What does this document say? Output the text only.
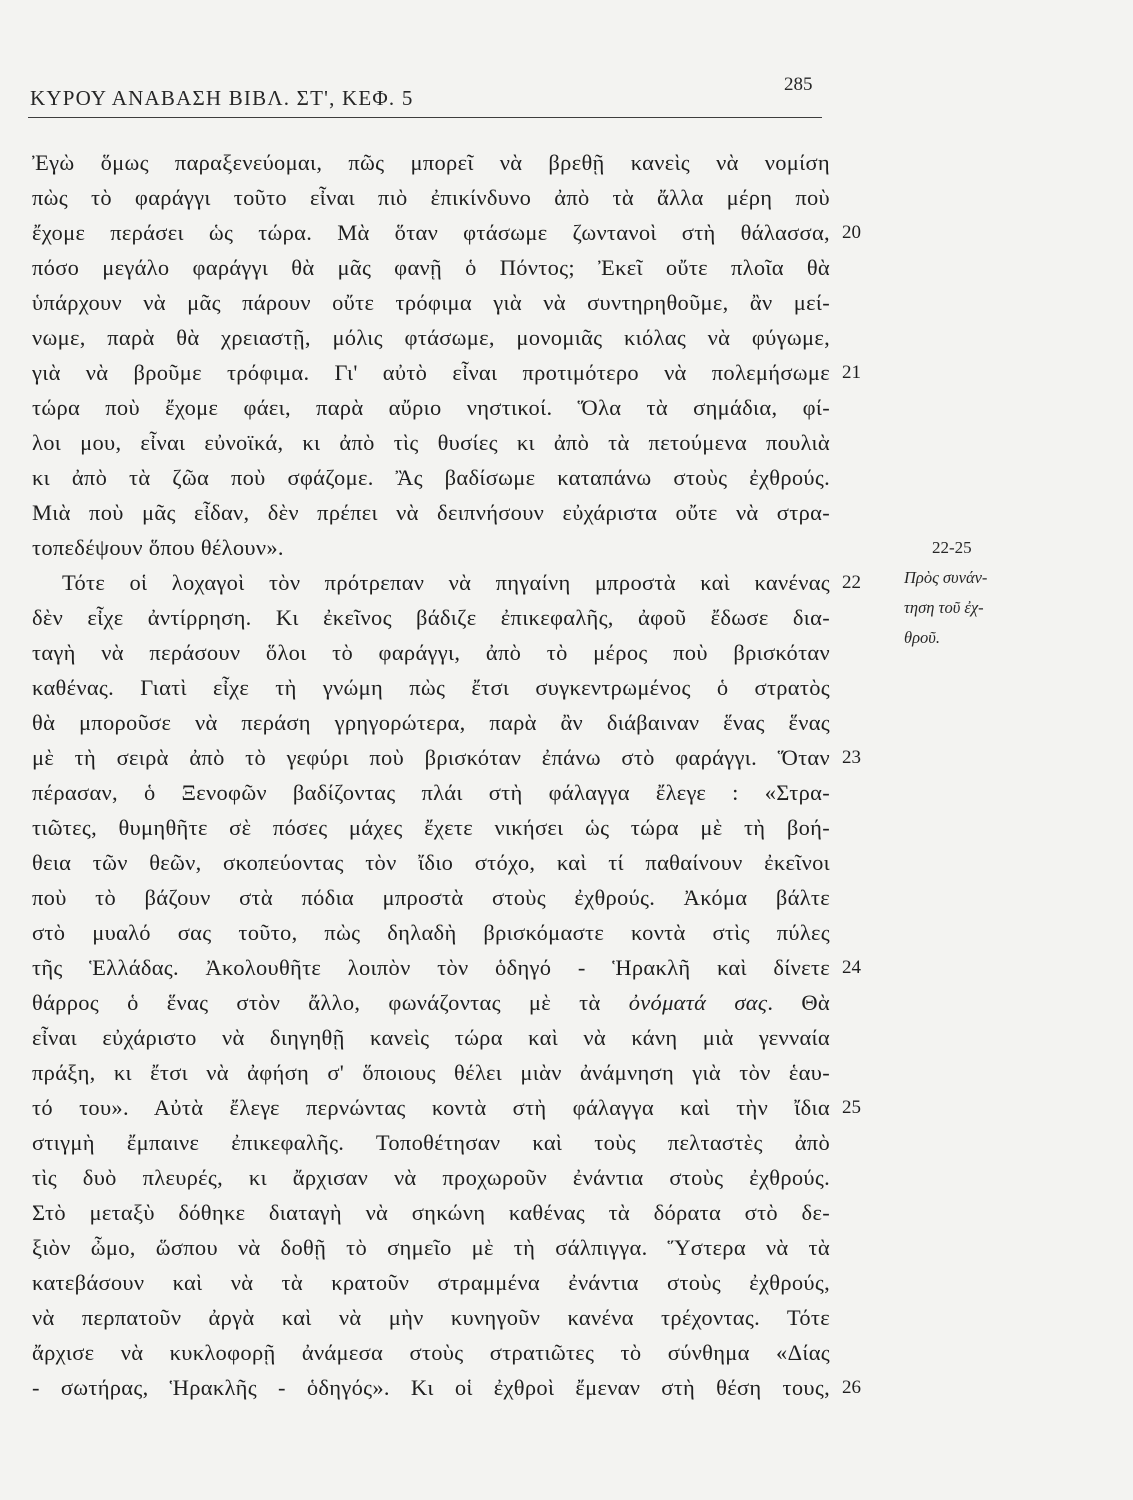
ΚΥΡΟΥ ΑΝΑΒΑΣΗ ΒΙΒΛ. ΣΤ', ΚΕΦ. 5
285
Ἐγὼ ὅμως παραξενεύομαι, πῶς μπορεῖ νὰ βρεθῇ κανεὶς νὰ νομίση
πὼς τὸ φαράγγι τοῦτο εἶναι πιὸ ἐπικίνδυνο ἀπὸ τὰ ἄλλα μέρη ποὺ
ἔχομε περάσει ὡς τώρα. Μὰ ὅταν φτάσωμε ζωντανοὶ στὴ θάλασσα, 20
πόσο μεγάλο φαράγγι θὰ μᾶς φανῇ ὁ Πόντος; Ἐκεῖ οὔτε πλοῖα θὰ
ὑπάρχουν νὰ μᾶς πάρουν οὔτε τρόφιμα γιὰ νὰ συντηρηθοῦμε, ἂν μεί-
νωμε, παρὰ θὰ χρειαστῇ, μόλις φτάσωμε, μονομιᾶς κιόλας νὰ φύγωμε,
γιὰ νὰ βροῦμε τρόφιμα. Γι' αὐτὸ εἶναι προτιμότερο νὰ πολεμήσωμε 21
τώρα ποὺ ἔχομε φάει, παρὰ αὔριο νηστικοί. Ὅλα τὰ σημάδια, φί-
λοι μου, εἶναι εὐνοϊκά, κι ἀπὸ τὶς θυσίες κι ἀπὸ τὰ πετούμενα πουλιὰ
κι ἀπὸ τὰ ζῶα ποὺ σφάζομε. Ἂς βαδίσωμε καταπάνω στοὺς ἐχθρούς.
Μιὰ ποὺ μᾶς εἶδαν, δὲν πρέπει νὰ δειπνήσουν εὐχάριστα οὔτε νὰ στρα-
τοπεδέψουν ὅπου θέλουν».
Τότε οἱ λοχαγοὶ τὸν πρότρεπαν νὰ πηγαίνη μπροστὰ καὶ κανένας 22
δὲν εἶχε ἀντίρρηση. Κι ἐκεῖνος βάδιζε ἐπικεφαλῆς, ἀφοῦ ἔδωσε δια-
ταγὴ νὰ περάσουν ὅλοι τὸ φαράγγι, ἀπὸ τὸ μέρος ποὺ βρισκόταν
καθένας. Γιατὶ εἶχε τὴ γνώμη πὼς ἔτσι συγκεντρωμένος ὁ στρατὸς
θὰ μποροῦσε νὰ περάση γρηγορώτερα, παρὰ ἂν διάβαιναν ἕνας ἕνας
μὲ τὴ σειρὰ ἀπὸ τὸ γεφύρι ποὺ βρισκόταν ἐπάνω στὸ φαράγγι. Ὅταν 23
πέρασαν, ὁ Ξενοφῶν βαδίζοντας πλάι στὴ φάλαγγα ἔλεγε : «Στρα-
τιῶτες, θυμηθῆτε σὲ πόσες μάχες ἔχετε νικήσει ὡς τώρα μὲ τὴ βοή-
θεια τῶν θεῶν, σκοπεύοντας τὸν ἴδιο στόχο, καὶ τί παθαίνουν ἐκεῖνοι
ποὺ τὸ βάζουν στὰ πόδια μπροστὰ στοὺς ἐχθρούς. Ἀκόμα βάλτε
στὸ μυαλό σας τοῦτο, πὼς δηλαδὴ βρισκόμαστε κοντὰ στὶς πύλες
τῆς Ἑλλάδας. Ἀκολουθῆτε λοιπὸν τὸν ὁδηγό - Ἡρακλῆ καὶ δίνετε 24
θάρρος ὁ ἕνας στὸν ἄλλο, φωνάζοντας μὲ τὰ ὀνόματά σας. Θὰ
εἶναι εὐχάριστο νὰ διηγηθῇ κανεὶς τώρα καὶ νὰ κάνη μιὰ γενναία
πράξη, κι ἔτσι νὰ ἀφήση σ' ὅποιους θέλει μιὰν ἀνάμνηση γιὰ τὸν ἑαυ-
τό του». Αὐτὰ ἔλεγε περνώντας κοντὰ στὴ φάλαγγα καὶ τὴν ἴδια 25
στιγμὴ ἔμπαινε ἐπικεφαλῆς. Τοποθέτησαν καὶ τοὺς πελταστὲς ἀπὸ
τὶς δυὸ πλευρές, κι ἄρχισαν νὰ προχωροῦν ἐνάντια στοὺς ἐχθρούς.
Στὸ μεταξὺ δόθηκε διαταγὴ νὰ σηκώνη καθένας τὰ δόρατα στὸ δε-
ξιὸν ὦμο, ὥσπου νὰ δοθῇ τὸ σημεῖο μὲ τὴ σάλπιγγα. Ὕστερα νὰ τὰ
κατεβάσουν καὶ νὰ τὰ κρατοῦν στραμμένα ἐνάντια στοὺς ἐχθρούς,
νὰ περπατοῦν ἀργὰ καὶ νὰ μὴν κυνηγοῦν κανένα τρέχοντας. Τότε
ἄρχισε νὰ κυκλοφορῇ ἀνάμεσα στοὺς στρατιῶτες τὸ σύνθημα «Δίας
- σωτήρας, Ἡρακλῆς - ὁδηγός». Κι οἱ ἐχθροὶ ἔμεναν στὴ θέση τους, 26
22-25
Πρὸς συνάν-
τηση τοῦ ἐχ-
θροῦ.
